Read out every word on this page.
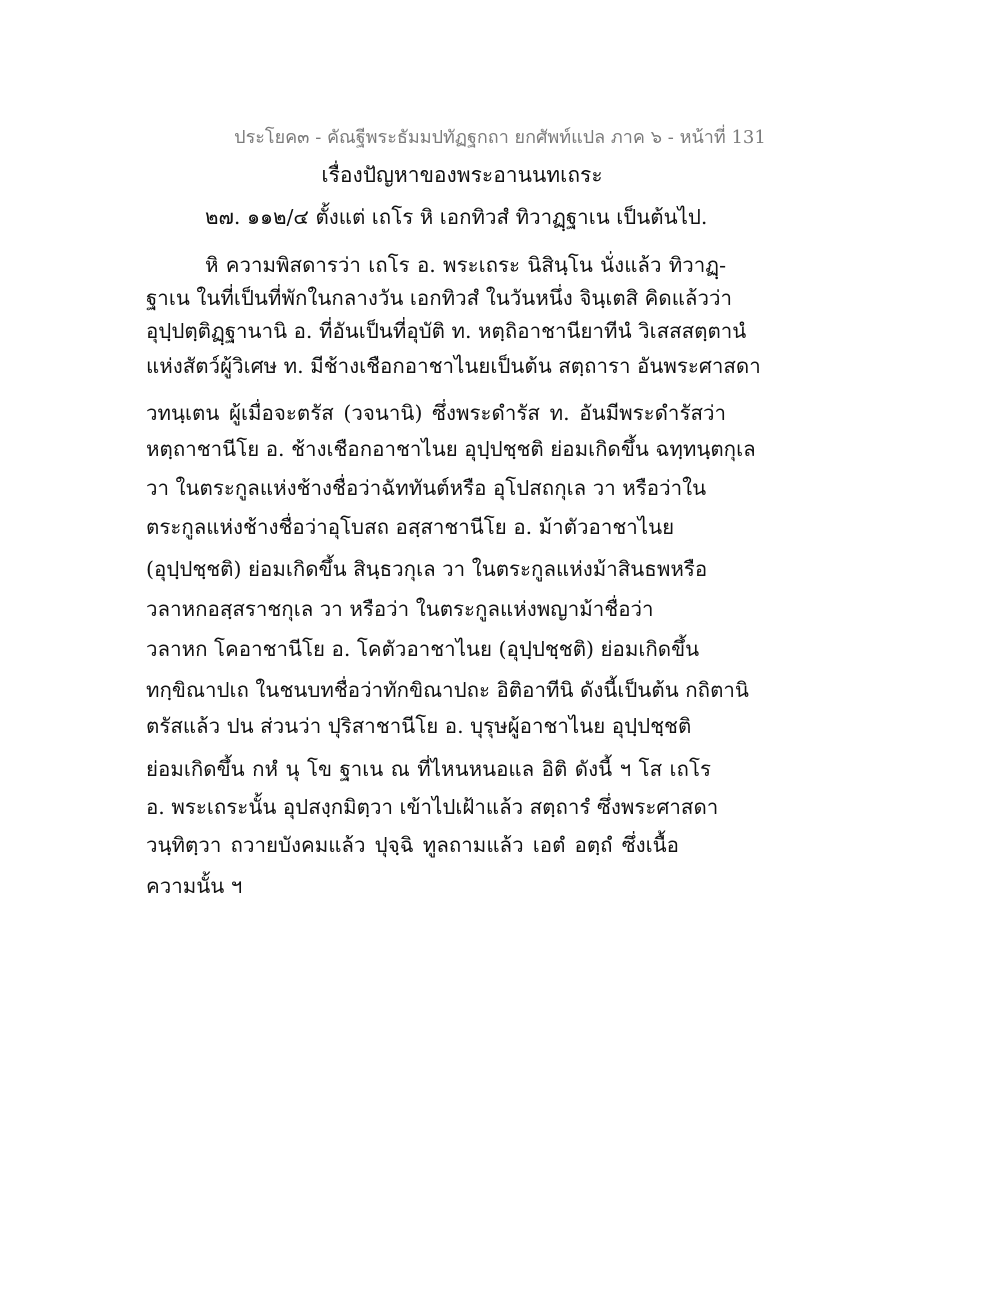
ประโยค๓ - คัณฐีพระธัมมปทัฏฐกถา ยกศัพท์แปล ภาค ๖ - หน้าที่ 131
เรื่องปัญหาของพระอานนทเถระ
๒๗. ๑๑๒/๔ ตั้งแต่ เถโร หิ เอกทิวสํ ทิวาฏฺฐาเน เป็นต้นไป.
หิ ความพิสดารว่า เถโร อ. พระเถระ นิสินฺโน นั่งแล้ว ทิวาฏฺ-
ฐาเน ในที่เป็นที่พักในกลางวัน เอกทิวสํ ในวันหนึ่ง จินฺเตสิ คิดแล้วว่า
อุปฺปตฺติฏฺฐานานิ อ. ที่อันเป็นที่อุบัติ ท. หตฺถิอาชานียาทีนํ วิเสสสตฺตานํ
แห่งสัตว์ผู้วิเศษ ท. มีช้างเชือกอาชาไนยเป็นต้น สตฺถารา อันพระศาสดา
วทนฺเตน ผู้เมื่อจะตรัส (วจนานิ) ซึ่งพระดำรัส ท. อันมีพระดำรัสว่า
หตฺถาชานีโย อ. ช้างเชือกอาชาไนย อุปฺปชฺชติ ย่อมเกิดขึ้น ฉทฺทนฺตกุเล
วา ในตระกูลแห่งช้างชื่อว่าฉัททันต์หรือ อุโปสถกุเล วา หรือว่าใน
ตระกูลแห่งช้างชื่อว่าอุโบสถ อสฺสาชานีโย อ. ม้าตัวอาชาไนย
(อุปฺปชฺชติ) ย่อมเกิดขึ้น สินฺธวกุเล วา ในตระกูลแห่งม้าสินธพหรือ
วลาหกอสฺสราชกุเล วา หรือว่า ในตระกูลแห่งพญาม้าชื่อว่า
วลาหก โคอาชานีโย อ. โคตัวอาชาไนย (อุปฺปชฺชติ) ย่อมเกิดขึ้น
ทกฺขิณาปเถ ในชนบทชื่อว่าทักขิณาปถะ อิติอาทีนิ ดังนี้เป็นต้น กถิตานิ
ตรัสแล้ว ปน ส่วนว่า ปุริสาชานีโย อ. บุรุษผู้อาชาไนย อุปฺปชฺชติ
ย่อมเกิดขึ้น กหํ นุ โข ฐาเน ณ ที่ไหนหนอแล อิติ ดังนี้ ฯ โส เถโร
อ. พระเถระนั้น อุปสงฺกมิตฺวา เข้าไปเฝ้าแล้ว สตฺถารํ ซึ่งพระศาสดา
วนฺทิตฺวา ถวายบังคมแล้ว ปุจฺฉิ ทูลถามแล้ว เอตํ อตฺถํ ซึ่งเนื้อ
ความนั้น ฯ
